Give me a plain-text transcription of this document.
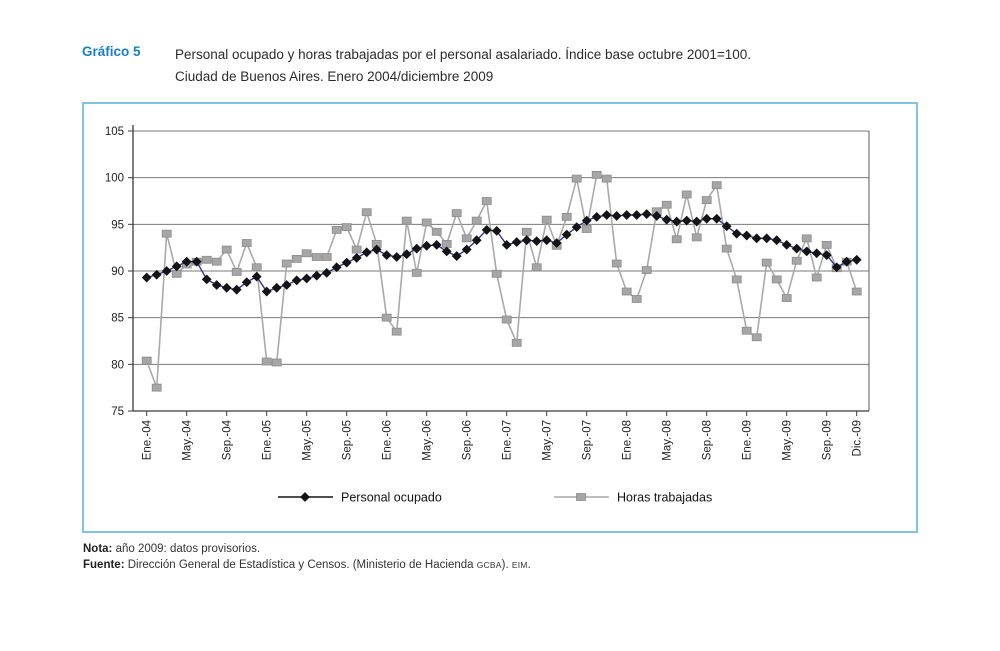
Gráfico 5	Personal ocupado y horas trabajadas por el personal asalariado. Índice base octubre 2001=100.
Ciudad de Buenos Aires. Enero 2004/diciembre 2009
75
80
85
90
95
100
105
Ene.-04 May.-04 Sep.-04 Ene.-05 May.-05 Sep.-05 Ene.-06 May.-06 Sep.-06 Ene.-07 May.-07 Sep.-07 Ene.-08 May.-08 Sep.-08 Ene.-09 May.-09 Sep.-09 Dic.-09
Personal ocupado	Horas trabajadas
Nota: año 2009: datos provisorios.
Fuente: Dirección General de Estadística y Censos. (Ministerio de Hacienda GCBA). EIM.
